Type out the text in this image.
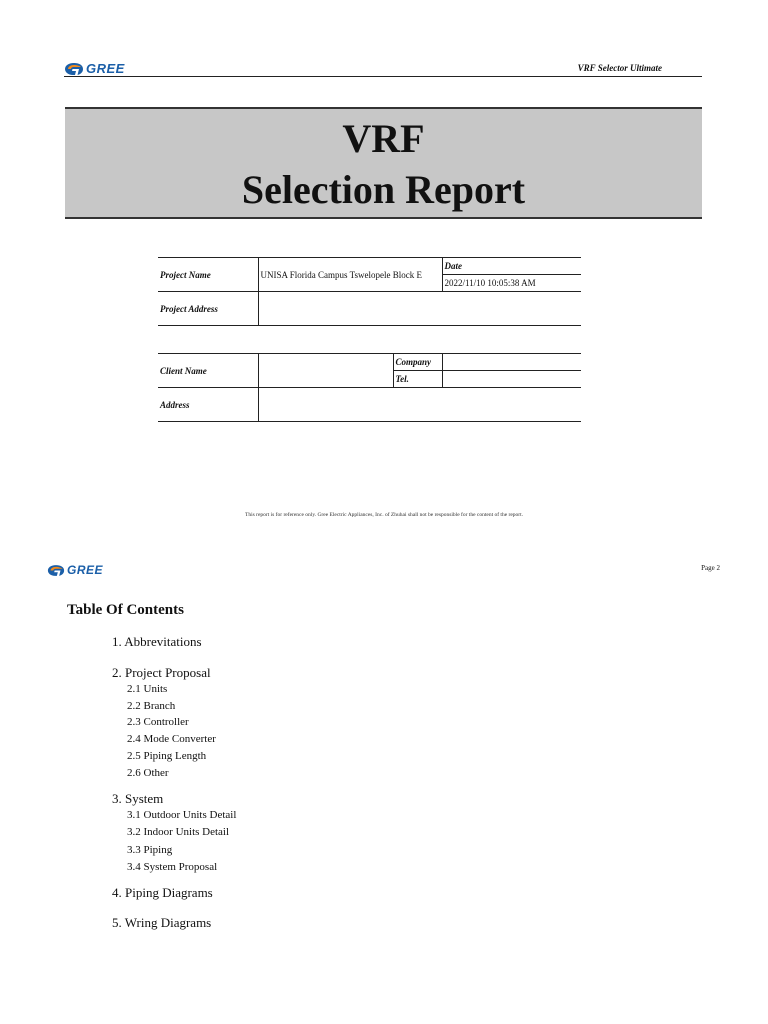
GREE	VRF Selector Ultimate
VRF
Selection Report
Project Name	UNISA Florida Campus Tswelopele Block E	Date
		2022/11/10 10:05:38 AM
Project Address		
Client Name		Company	
		Tel.	
Address			
This report is for reference only. Gree Electric Appliances, Inc. of Zhuhai shall not be responsible for the content of the report.
GREE	Page 2
Table Of Contents
1. Abbrevitations
2. Project Proposal
2.1 Units
2.2 Branch
2.3 Controller
2.4 Mode Converter
2.5 Piping Length
2.6 Other
3. System
3.1 Outdoor Units Detail
3.2 Indoor Units Detail
3.3 Piping
3.4 System Proposal
4. Piping Diagrams
5. Wring Diagrams
